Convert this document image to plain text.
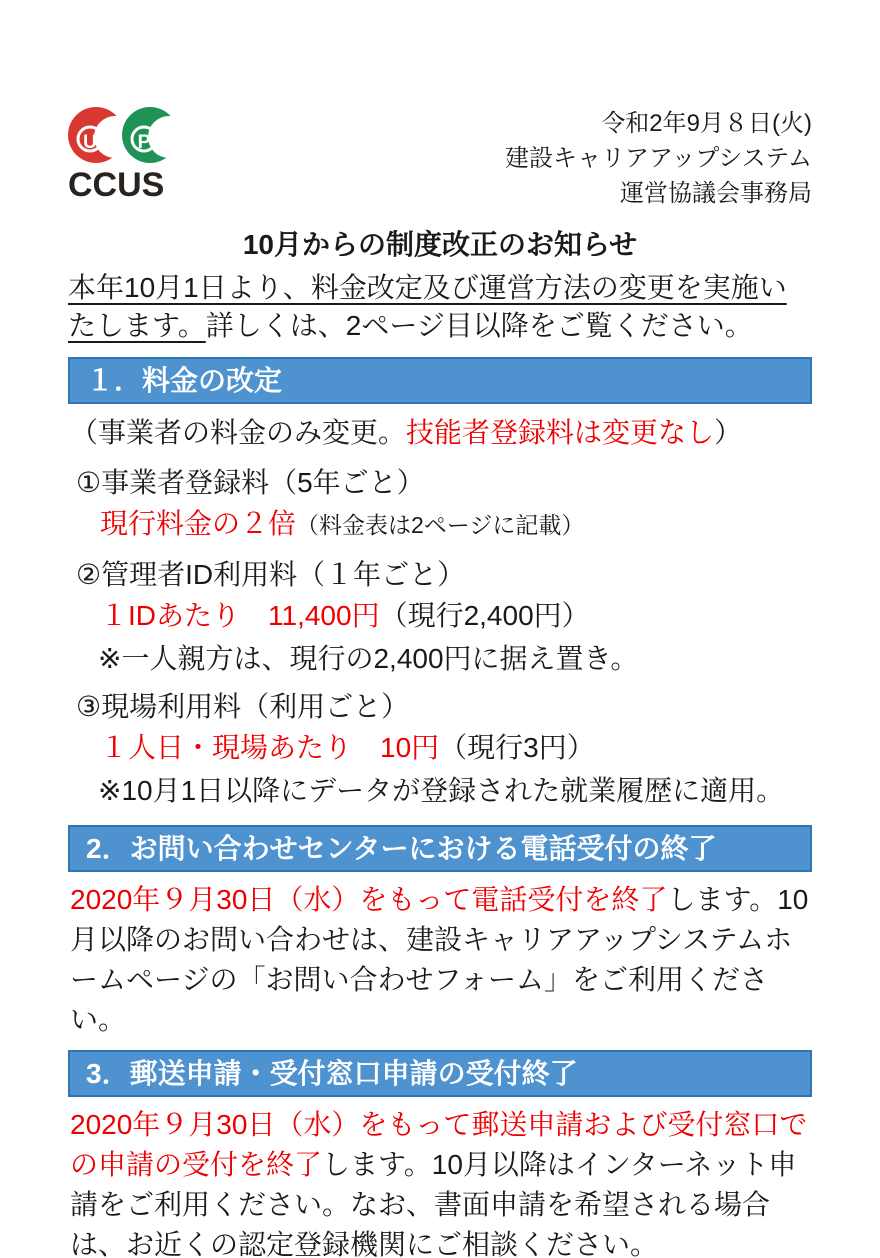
U P
CCUS
令和2年9月８日(火)
建設キャリアアップシステム
運営協議会事務局
10月からの制度改正のお知らせ
本年10月1日より、料金改定及び運営方法の変更を実施いたします。詳しくは、2ページ目以降をご覧ください。
１．料金の改定
（事業者の料金のみ変更。技能者登録料は変更なし）
①事業者登録料（5年ごと）
現行料金の２倍（料金表は2ページに記載）
②管理者ID利用料（１年ごと）
１IDあたり　11,400円（現行2,400円）
※一人親方は、現行の2,400円に据え置き。
③現場利用料（利用ごと）
１人日・現場あたり　10円（現行3円）
※10月1日以降にデータが登録された就業履歴に適用。
2．お問い合わせセンターにおける電話受付の終了
2020年９月30日（水）をもって電話受付を終了します。10月以降のお問い合わせは、建設キャリアアップシステムホームページの「お問い合わせフォーム」をご利用ください。
3．郵送申請・受付窓口申請の受付終了
2020年９月30日（水）をもって郵送申請および受付窓口での申請の受付を終了します。10月以降はインターネット申請をご利用ください。なお、書面申請を希望される場合は、お近くの認定登録機関にご相談ください。
